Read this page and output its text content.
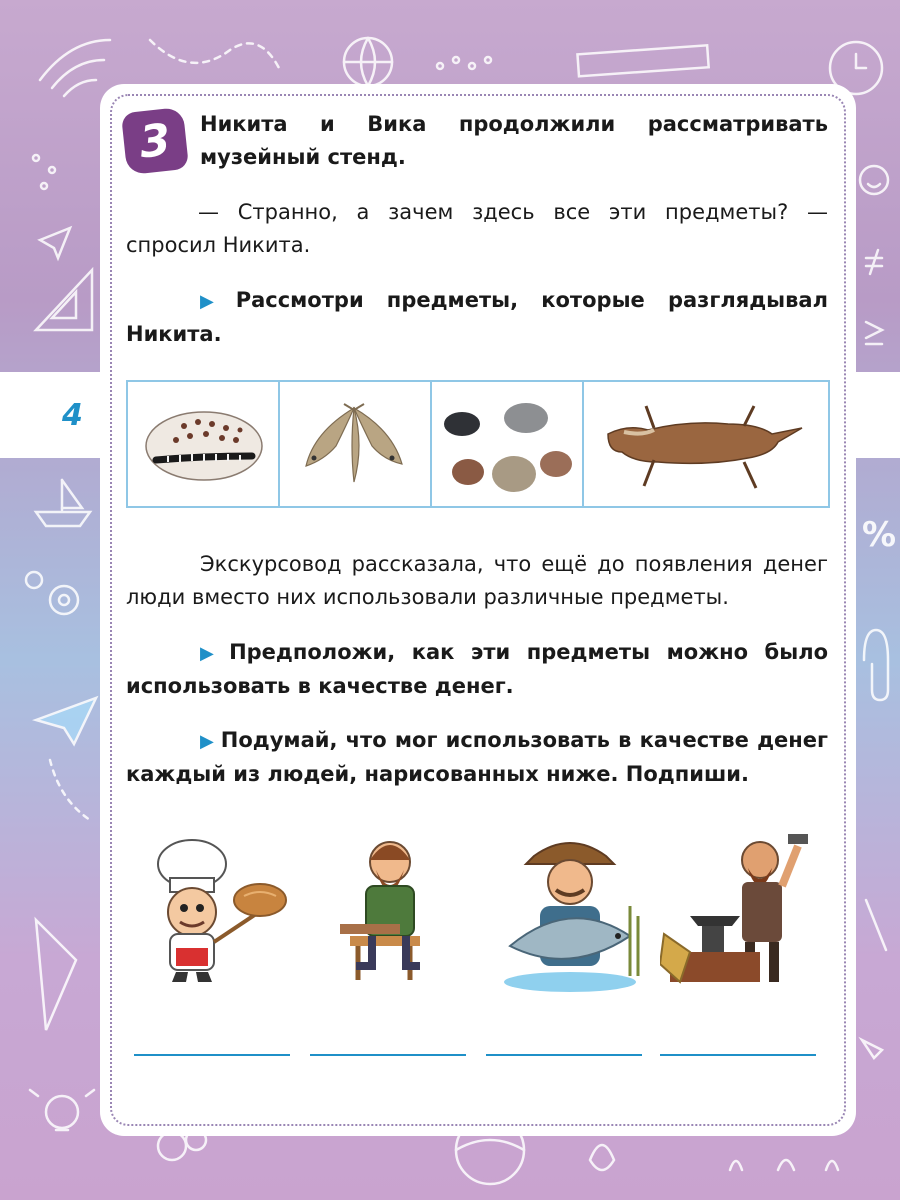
%
4
3 Никита и Вика продолжили рассматривать музейный стенд.
— Странно, а зачем здесь все эти предметы? — спросил Никита.
▶ Рассмотри предметы, которые разглядывал Никита.
Экскурсовод рассказала, что ещё до появления денег люди вместо них использовали различные предметы.
▶ Предположи, как эти предметы можно было использовать в качестве денег.
▶ Подумай, что мог использовать в качестве денег каждый из людей, нарисованных ниже. Подпиши.
